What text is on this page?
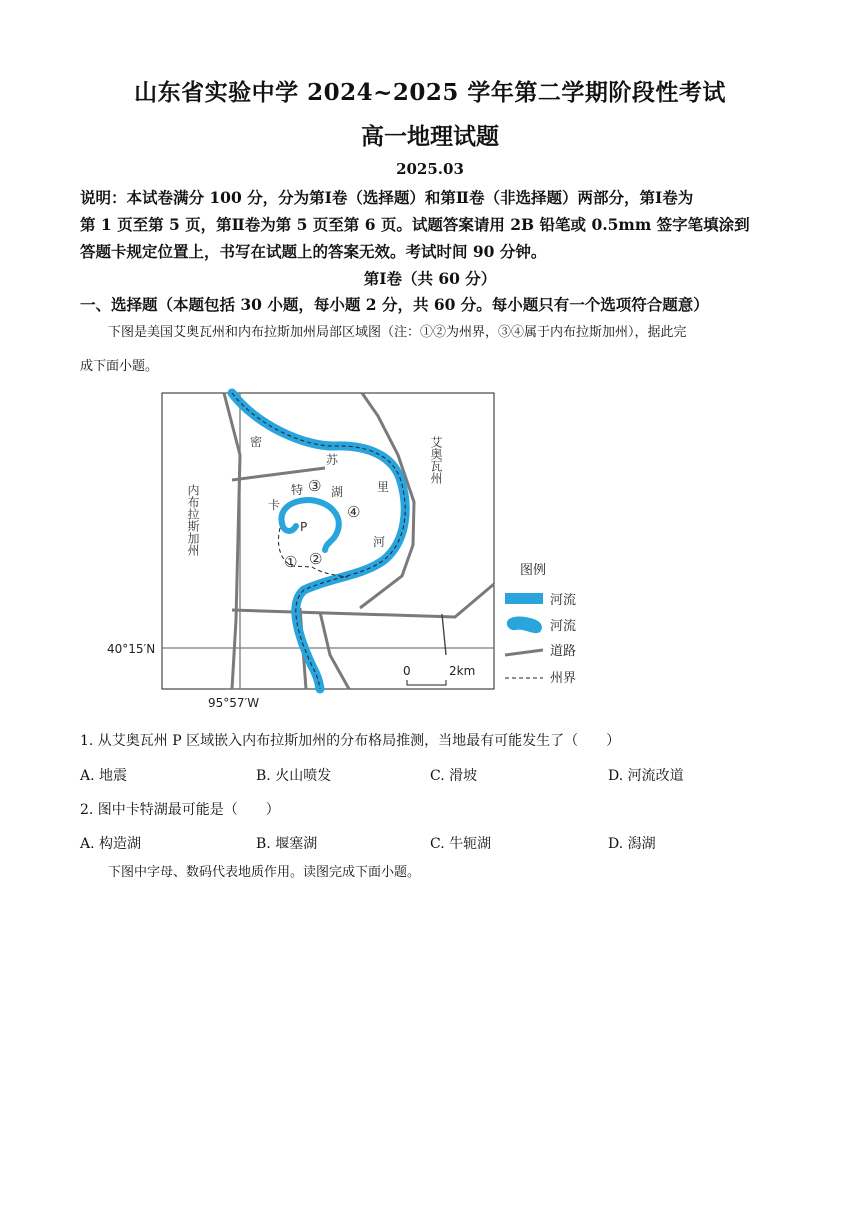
山东省实验中学 2024~2025 学年第二学期阶段性考试
高一地理试题
2025.03
说明：本试卷满分 100 分，分为第Ⅰ卷（选择题）和第Ⅱ卷（非选择题）两部分，第Ⅰ卷为
第 1 页至第 5 页，第Ⅱ卷为第 5 页至第 6 页。试题答案请用 2B 铅笔或 0.5mm 签字笔填涂到
答题卡规定位置上，书写在试题上的答案无效。考试时间 90 分钟。
第Ⅰ卷（共 60 分）
一、选择题（本题包括 30 小题，每小题 2 分，共 60 分。每小题只有一个选项符合题意）
下图是美国艾奥瓦州和内布拉斯加州局部区域图（注：①②为州界，③④属于内布拉斯加州），据此完
成下面小题。
密
苏
里
河
卡
特 湖
P
① ②
③
④
艾奥瓦州
内布拉斯加州
40°15′N
95°57′W
0	2km
图例
河流
河流
道路
州界
1. 从艾奥瓦州 P 区域嵌入内布拉斯加州的分布格局推测，当地最有可能发生了（　　）
A. 地震	B. 火山喷发	C. 滑坡	D. 河流改道
2. 图中卡特湖最可能是（　　）
A. 构造湖	B. 堰塞湖	C. 牛轭湖	D. 潟湖
下图中字母、数码代表地质作用。读图完成下面小题。
